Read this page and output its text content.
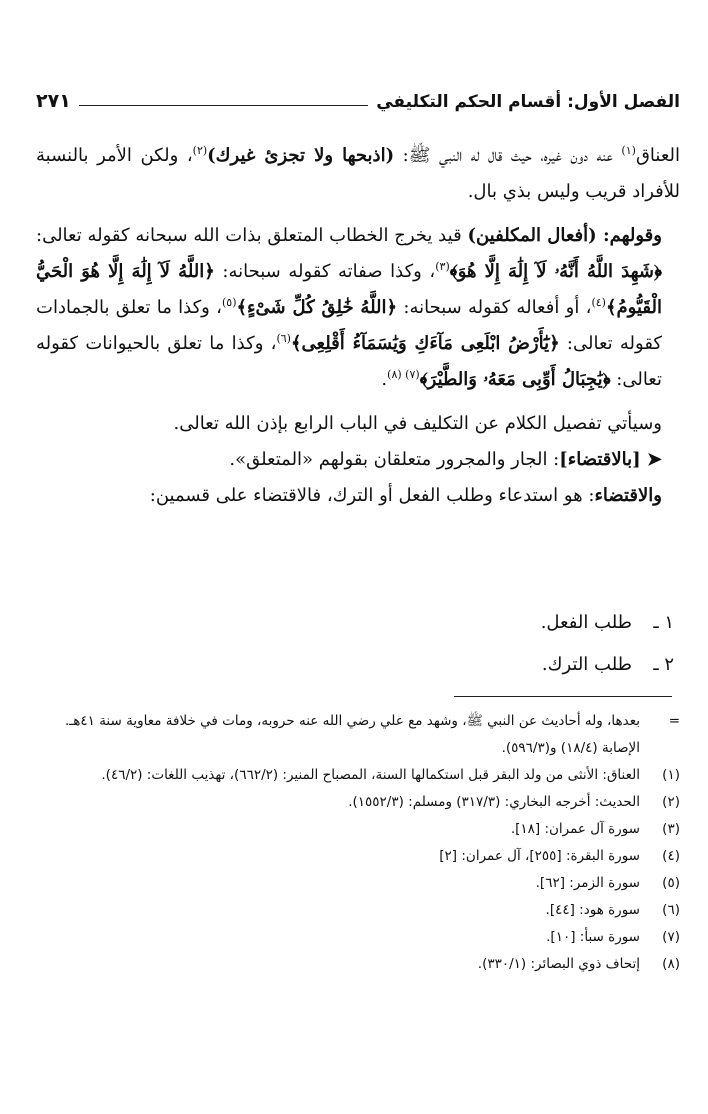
الفصل الأول: أقسام الحكم التكليفي
٢٧١

العناق$^{(١)}$ عنه دون غيره، حيث قال له النبي ﷺ: (اذبحها ولا تجزئ غيرك)$^{(٢)}$، ولكن الأمر بالنسبة للأفراد قريب وليس بذي بال.

وقولهم: (أفعال المكلفين) قيد يخرج الخطاب المتعلق بذات الله سبحانه كقوله تعالى: ﴿شَهِدَ اللَّهُ أَنَّهُۥ لَآ إِلَٰهَ إِلَّا هُوَ﴾$^{(٣)}$، وكذا صفاته كقوله سبحانه: ﴿اللَّهُ لَآ إِلَٰهَ إِلَّا هُوَ الْحَيُّ الْقَيُّومُ﴾$^{(٤)}$، أو أفعاله كقوله سبحانه: ﴿اللَّهُ خَٰلِقُ كُلِّ شَىْءٍ﴾$^{(٥)}$، وكذا ما تعلق بالجمادات كقوله تعالى: ﴿يَٰٓأَرْضُ ابْلَعِى مَآءَكِ وَيَٰسَمَآءُ أَقْلِعِى﴾$^{(٦)}$، وكذا ما تعلق بالحيوانات كقوله تعالى: ﴿يَٰجِبَالُ أَوِّبِى مَعَهُۥ وَالطَّيْرَ﴾$^{(٧) (٨)}$.

وسيأتي تفصيل الكلام عن التكليف في الباب الرابع بإذن الله تعالى.

➤ [بالاقتضاء]: الجار والمجرور متعلقان بقولهم «المتعلق».

والاقتضاء: هو استدعاء وطلب الفعل أو الترك، فالاقتضاء على قسمين:

١ ـطلب الفعل.
٢ ـطلب الترك.
=
بعدها، وله أحاديث عن النبي ﷺ، وشهد مع علي رضي الله عنه حروبه، ومات في خلافة معاوية سنة ٤١هـ. الإصابة (١٨/٤) و(٥٩٦/٣).
(١)
العناق: الأنثى من ولد البقر قبل استكمالها السنة، المصباح المنير: (٦٦٢/٢)، تهذيب اللغات: (٤٦/٢).
(٢)
الحديث: أخرجه البخاري: (٣١٧/٣) ومسلم: (١٥٥٢/٣).
(٣)
سورة آل عمران: [١٨].
(٤)
سورة البقرة: [٢٥٥]، آل عمران: [٢]
(٥)
سورة الزمر: [٦٢].
(٦)
سورة هود: [٤٤].
(٧)
سورة سبأ: [١٠].
(٨)
إتحاف ذوي البصائر: (٣٣٠/١).
